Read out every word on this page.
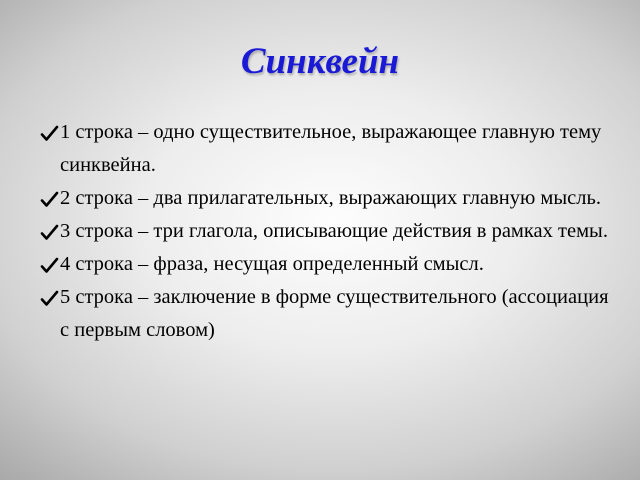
Синквейн
1 строка – одно существительное, выражающее главную тему синквейна.
2 строка – два прилагательных, выражающих главную мысль.
3 строка – три глагола, описывающие действия в рамках темы.
4 строка – фраза, несущая определенный смысл.
5 строка – заключение в форме существительного (ассоциация с первым словом)
